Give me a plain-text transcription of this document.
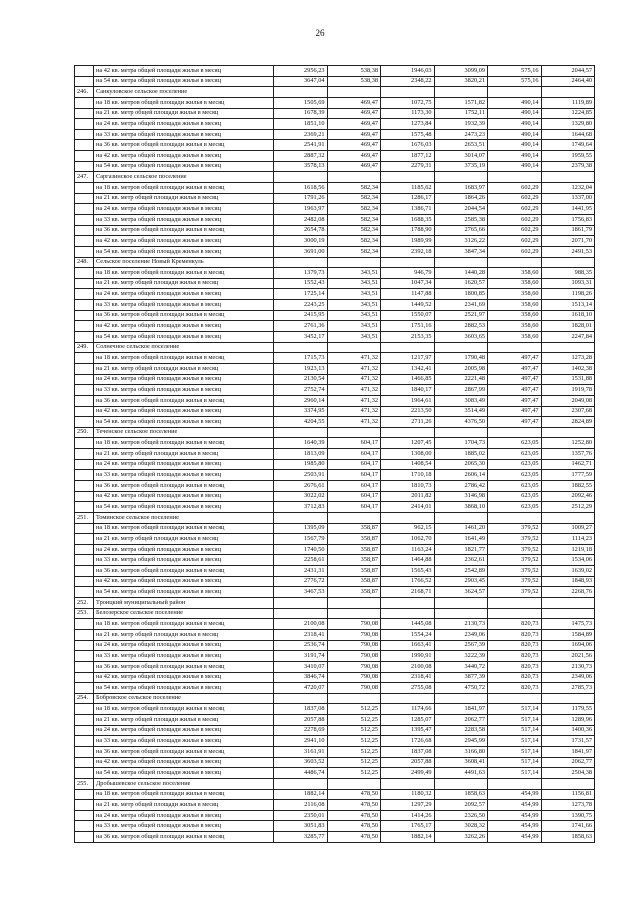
26
	на 42 кв. метра общей площади жилья в месяц	2956,23	538,38	1946,03	3099,09	575,16	2044,57
	на 54 кв. метра общей площади жилья в месяц	3647,04	538,38	2348,22	3820,21	575,16	2464,40
246.	Санкуловское сельское поселение						
	на 18 кв. метров общей площади жилья в месяц	1505,69	469,47	1072,75	1571,82	490,14	1119,89
	на 21 кв. метр общей площади жилья в месяц	1678,39	469,47	1173,30	1752,11	490,14	1224,85
	на 24 кв. метра общей площади жилья в месяц	1851,10	469,47	1273,84	1932,39	490,14	1329,80
	на 33 кв. метра общей площади жилья в месяц	2369,21	469,47	1575,48	2473,23	490,14	1644,68
	на 36 кв. метров общей площади жилья в месяц	2541,91	469,47	1676,03	2653,51	490,14	1749,64
	на 42 кв. метра общей площади жилья в месяц	2887,32	469,47	1877,12	3014,07	490,14	1959,55
	на 54 кв. метра общей площади жилья в месяц	3578,13	469,47	2279,31	3735,19	490,14	2379,38
247.	Саргазинское сельское поселение						
	на 18 кв. метров общей площади жилья в месяц	1618,56	582,34	1185,62	1683,97	602,29	1232,04
	на 21 кв. метр общей площади жилья в месяц	1791,26	582,34	1286,17	1864,26	602,29	1337,00
	на 24 кв. метра общей площади жилья в месяц	1963,97	582,34	1386,71	2044,54	602,29	1441,95
	на 33 кв. метра общей площади жилья в месяц	2482,08	582,34	1688,35	2585,38	602,29	1756,83
	на 36 кв. метров общей площади жилья в месяц	2654,78	582,34	1788,90	2765,66	602,29	1861,79
	на 42 кв. метра общей площади жилья в месяц	3000,19	582,34	1989,99	3126,22	602,29	2071,70
	на 54 кв. метра общей площади жилья в месяц	3691,00	582,34	2392,18	3847,34	602,29	2491,53
248.	Сельское поселение Новый Кременкуль						
	на 18 кв. метров общей площади жилья в месяц	1379,73	343,51	946,79	1440,28	358,60	988,35
	на 21 кв. метр общей площади жилья в месяц	1552,43	343,51	1047,34	1620,57	358,60	1093,31
	на 24 кв. метра общей площади жилья в месяц	1725,14	343,51	1147,88	1800,85	358,60	1198,26
	на 33 кв. метра общей площади жилья в месяц	2243,25	343,51	1449,52	2341,69	358,60	1513,14
	на 36 кв. метров общей площади жилья в месяц	2415,95	343,51	1550,07	2521,97	358,60	1618,10
	на 42 кв. метра общей площади жилья в месяц	2761,36	343,51	1751,16	2882,53	358,60	1828,01
	на 54 кв. метра общей площади жилья в месяц	3452,17	343,51	2153,35	3603,65	358,60	2247,84
249.	Солнечное сельское поселение						
	на 18 кв. метров общей площади жилья в месяц	1715,73	471,32	1217,97	1790,48	497,47	1273,28
	на 21 кв. метр общей площади жилья в месяц	1923,13	471,32	1342,41	2005,98	497,47	1402,38
	на 24 кв. метра общей площади жилья в месяц	2130,54	471,32	1466,85	2221,48	497,47	1531,88
	на 33 кв. метра общей площади жилья в месяц	2752,74	471,32	1840,17	2867,99	497,47	1919,78
	на 36 кв. метров общей площади жилья в месяц	2960,14	471,32	1964,61	3083,49	497,47	2049,08
	на 42 кв. метра общей площади жилья в месяц	3374,95	471,32	2213,50	3514,49	497,47	2307,68
	на 54 кв. метра общей площади жилья в месяц	4204,55	471,32	2711,26	4376,50	497,47	2824,89
250.	Теченское сельское поселение						
	на 18 кв. метров общей площади жилья в месяц	1640,39	604,17	1207,45	1704,73	623,05	1252,80
	на 21 кв. метр общей площади жилья в месяц	1813,09	604,17	1308,00	1885,02	623,05	1357,76
	на 24 кв. метра общей площади жилья в месяц	1985,80	604,17	1408,54	2065,30	623,05	1462,71
	на 33 кв. метра общей площади жилья в месяц	2503,91	604,17	1710,18	2606,14	623,05	1777,59
	на 36 кв. метров общей площади жилья в месяц	2676,61	604,17	1810,73	2786,42	623,05	1882,55
	на 42 кв. метра общей площади жилья в месяц	3022,02	604,17	2011,82	3146,98	623,05	2092,46
	на 54 кв. метра общей площади жилья в месяц	3712,83	604,17	2414,01	3868,10	623,05	2512,29
251.	Томинское сельское поселение						
	на 18 кв. метров общей площади жилья в месяц	1395,09	358,87	962,15	1461,20	379,52	1009,27
	на 21 кв. метр общей площади жилья в месяц	1567,79	358,87	1062,70	1641,49	379,52	1114,23
	на 24 кв. метра общей площади жилья в месяц	1740,50	358,87	1163,24	1821,77	379,52	1219,18
	на 33 кв. метра общей площади жилья в месяц	2258,61	358,87	1464,88	2362,61	379,52	1534,06
	на 36 кв. метров общей площади жилья в месяц	2431,31	358,87	1565,43	2542,89	379,52	1639,02
	на 42 кв. метра общей площади жилья в месяц	2776,72	358,87	1766,52	2903,45	379,52	1848,93
	на 54 кв. метра общей площади жилья в месяц	3467,53	358,87	2168,71	3624,57	379,52	2268,76
252.	Троицкий муниципальный район						
253.	Белозерское сельское поселение						
	на 18 кв. метров общей площади жилья в месяц	2100,08	790,08	1445,08	2130,73	820,73	1475,73
	на 21 кв. метр общей площади жилья в месяц	2318,41	790,08	1554,24	2349,06	820,73	1584,89
	на 24 кв. метра общей площади жилья в месяц	2536,74	790,08	1663,41	2567,39	820,73	1694,06
	на 33 кв. метра общей площади жилья в месяц	3191,74	790,08	1990,91	3222,39	820,73	2021,56
	на 36 кв. метров общей площади жилья в месяц	3410,07	790,08	2100,08	3440,72	820,73	2130,73
	на 42 кв. метра общей площади жилья в месяц	3846,74	790,08	2318,41	3877,39	820,73	2349,06
	на 54 кв. метра общей площади жилья в месяц	4720,07	790,08	2755,08	4750,72	820,73	2785,73
254.	Бобровское сельское поселение						
	на 18 кв. метров общей площади жилья в месяц	1837,08	512,25	1174,66	1841,97	517,14	1179,55
	на 21 кв. метр общей площади жилья в месяц	2057,88	512,25	1285,07	2062,77	517,14	1289,96
	на 24 кв. метра общей площади жилья в месяц	2278,69	512,25	1395,47	2283,58	517,14	1400,36
	на 33 кв. метра общей площади жилья в месяц	2941,10	512,25	1726,68	2945,99	517,14	1731,57
	на 36 кв. метров общей площади жилья в месяц	3161,91	512,25	1837,08	3166,80	517,14	1841,97
	на 42 кв. метра общей площади жилья в месяц	3603,52	512,25	2057,88	3608,41	517,14	2062,77
	на 54 кв. метра общей площади жилья в месяц	4486,74	512,25	2499,49	4491,63	517,14	2504,38
255.	Дробышевское сельское поселение						
	на 18 кв. метров общей площади жилья в месяц	1882,14	478,50	1180,32	1858,63	454,99	1156,81
	на 21 кв. метр общей площади жилья в месяц	2116,08	478,50	1297,29	2092,57	454,99	1273,78
	на 24 кв. метра общей площади жилья в месяц	2350,01	478,50	1414,26	2326,50	454,99	1390,75
	на 33 кв. метра общей площади жилья в месяц	3051,83	478,50	1765,17	3028,32	454,99	1741,66
	на 36 кв. метров общей площади жилья в месяц	3285,77	478,50	1882,14	3262,26	454,99	1858,63
